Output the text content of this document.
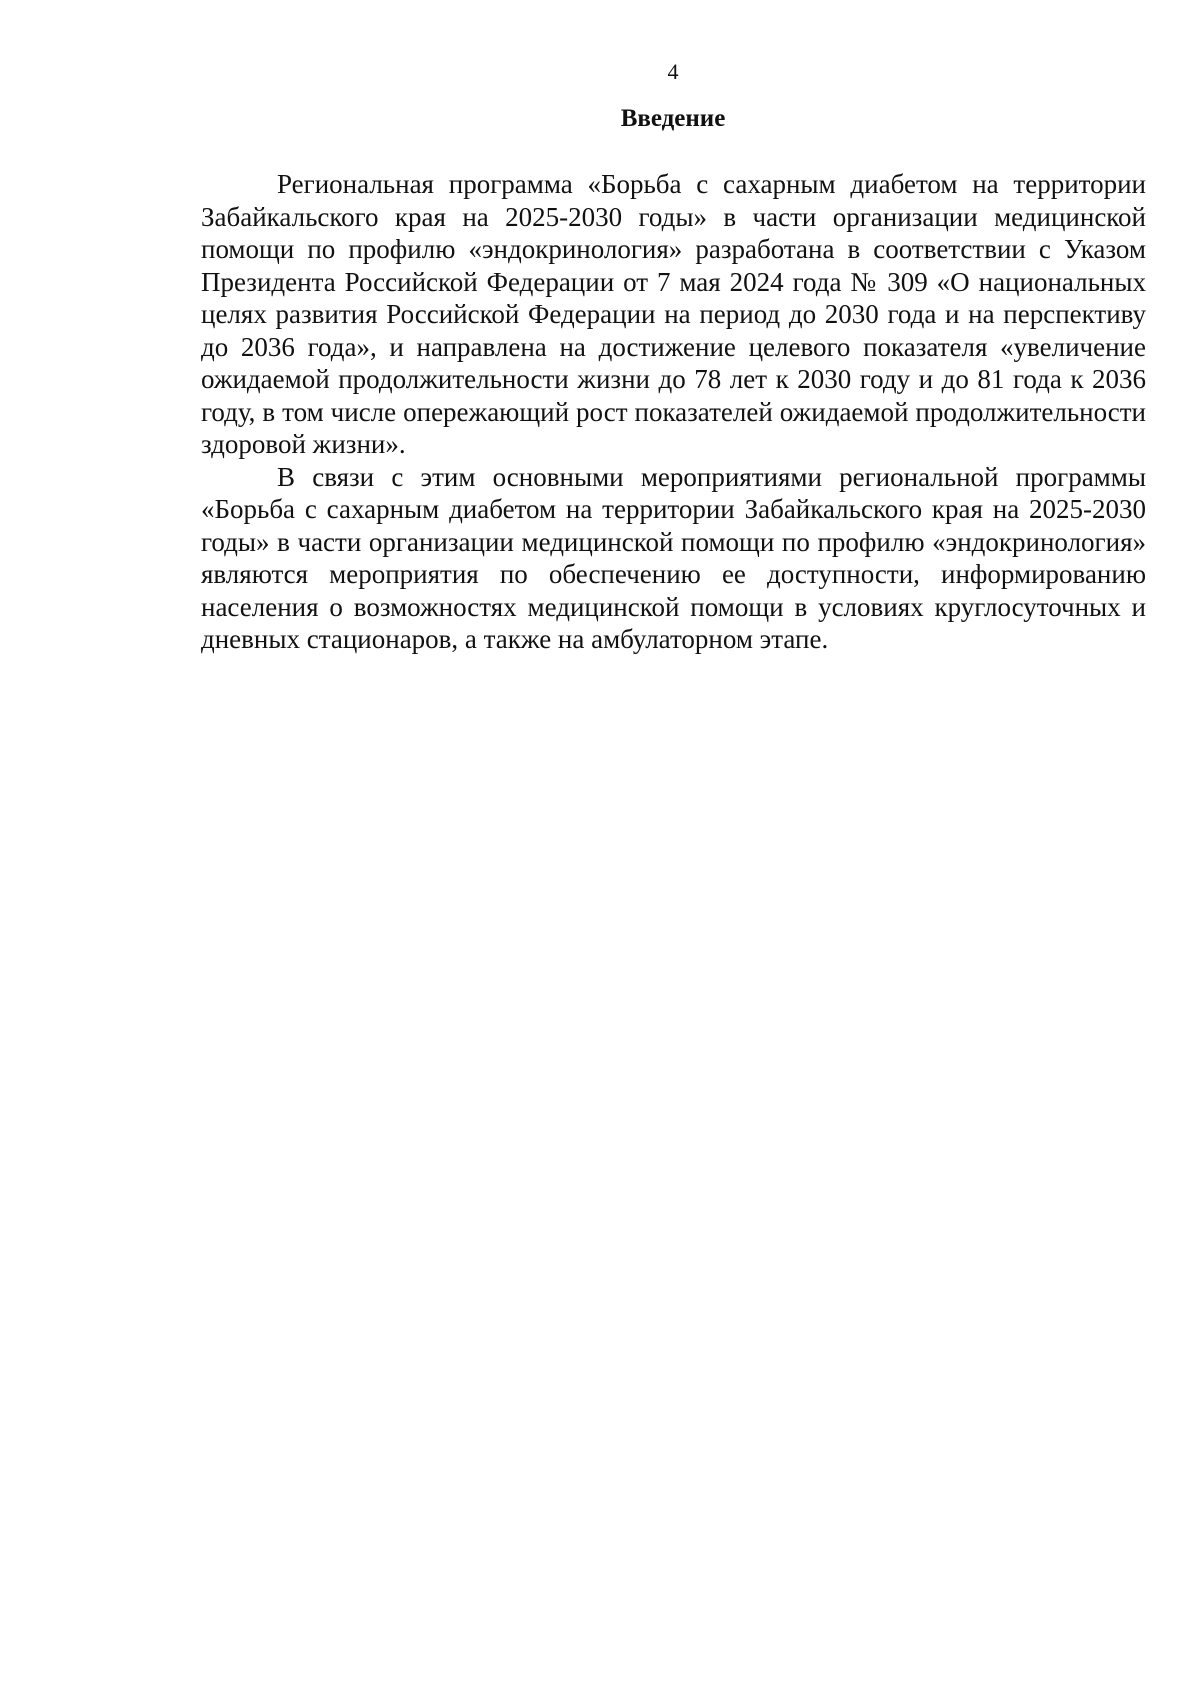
4
Введение

Региональная программа «Борьба с сахарным диабетом на территории Забайкальского края на 2025-2030 годы» в части организации медицинской помощи по профилю «эндокринология» разработана в соответствии с Указом Президента Российской Федерации от 7 мая 2024 года № 309 «О национальных целях развития Российской Федерации на период до 2030 года и на перспективу до 2036 года», и направлена на достижение целевого показателя «увеличение ожидаемой продолжительности жизни до 78 лет к 2030 году и до 81 года к 2036 году, в том числе опережающий рост показателей ожидаемой продолжительности здоровой жизни».

В связи с этим основными мероприятиями региональной программы «Борьба с сахарным диабетом на территории Забайкальского края на 2025-2030 годы» в части организации медицинской помощи по профилю «эндокринология» являются мероприятия по обеспечению ее доступности, информированию населения о возможностях медицинской помощи в условиях круглосуточных и дневных стационаров, а также на амбулаторном этапе.
